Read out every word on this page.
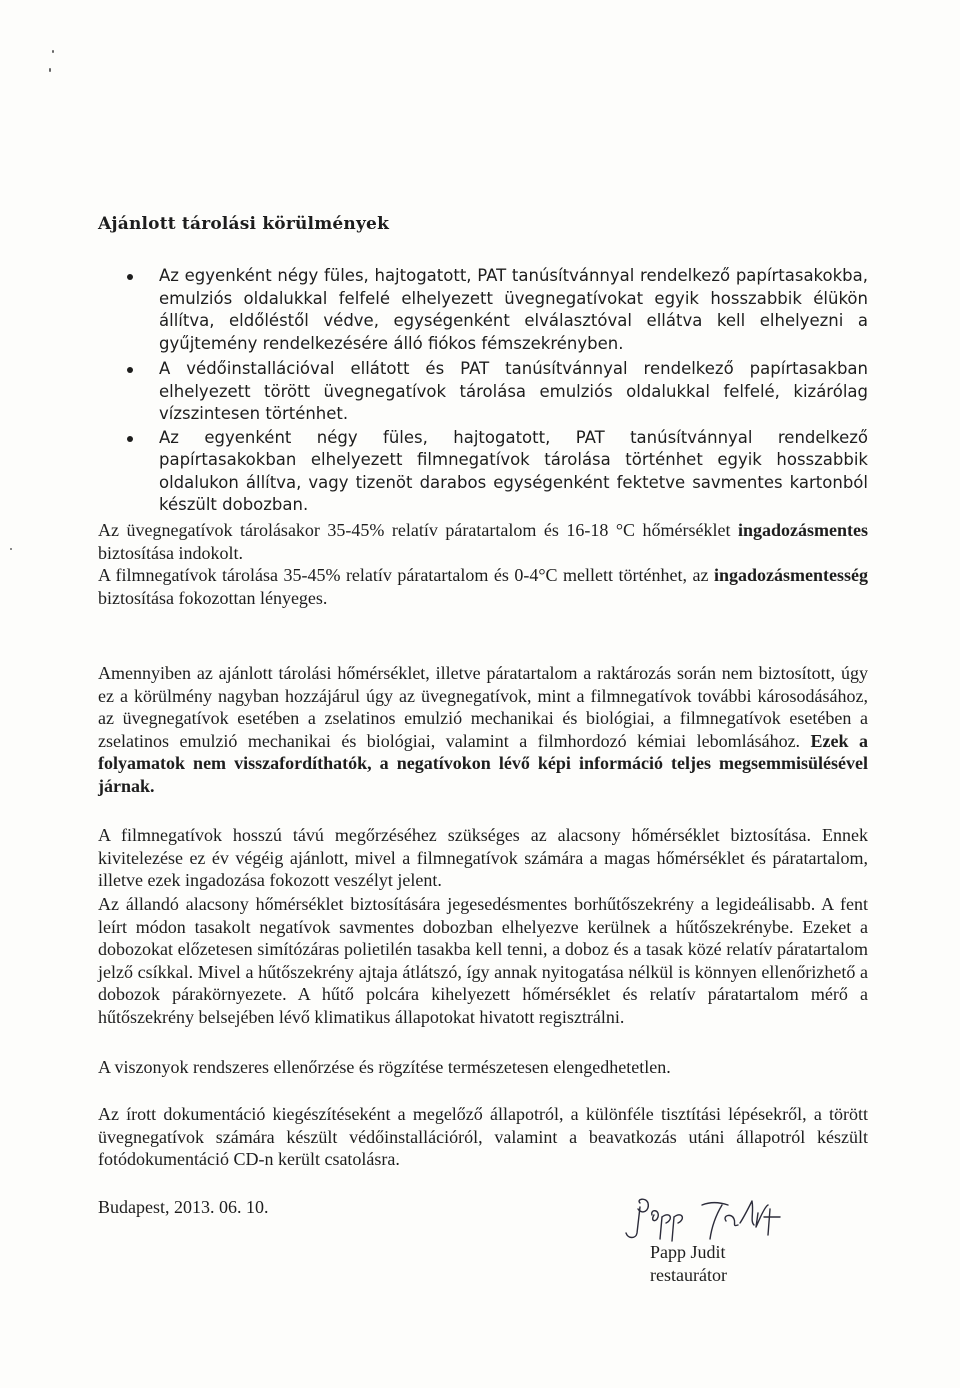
Ajánlott tárolási körülmények
Az egyenként négy füles, hajtogatott, PAT tanúsítvánnyal rendelkező papírtasakokba, emulziós oldalukkal felfelé elhelyezett üvegnegatívokat egyik hosszabbik élükön állítva, eldőléstől védve, egységenként elválasztóval ellátva kell elhelyezni a gyűjtemény rendelkezésére álló fiókos fémszekrényben.
A védőinstallációval ellátott és PAT tanúsítvánnyal rendelkező papírtasakban elhelyezett törött üvegnegatívok tárolása emulziós oldalukkal felfelé, kizárólag vízszintesen történhet.
Az egyenként négy füles, hajtogatott, PAT tanúsítvánnyal rendelkező papírtasakokban elhelyezett filmnegatívok tárolása történhet egyik hosszabbik oldalukon állítva, vagy tizenöt darabos egységenként fektetve savmentes kartonból készült dobozban.
Az üvegnegatívok tárolásakor 35-45% relatív páratartalom és 16-18 °C hőmérséklet ingadozásmentes biztosítása indokolt.
A filmnegatívok tárolása 35-45% relatív páratartalom és 0-4°C mellett történhet, az ingadozásmentesség biztosítása fokozottan lényeges.
Amennyiben az ajánlott tárolási hőmérséklet, illetve páratartalom a raktározás során nem biztosított, úgy ez a körülmény nagyban hozzájárul úgy az üvegnegatívok, mint a filmnegatívok további károsodásához, az üvegnegatívok esetében a zselatinos emulzió mechanikai és biológiai, a filmnegatívok esetében a zselatinos emulzió mechanikai és biológiai, valamint a filmhordozó kémiai lebomlásához. Ezek a folyamatok nem visszafordíthatók, a negatívokon lévő képi információ teljes megsemmisülésével járnak.
A filmnegatívok hosszú távú megőrzéséhez szükséges az alacsony hőmérséklet biztosítása. Ennek kivitelezése ez év végéig ajánlott, mivel a filmnegatívok számára a magas hőmérséklet és páratartalom, illetve ezek ingadozása fokozott veszélyt jelent.
Az állandó alacsony hőmérséklet biztosítására jegesedésmentes borhűtőszekrény a legideálisabb. A fent leírt módon tasakolt negatívok savmentes dobozban elhelyezve kerülnek a hűtőszekrénybe. Ezeket a dobozokat előzetesen simítózáras polietilén tasakba kell tenni, a doboz és a tasak közé relatív páratartalom jelző csíkkal. Mivel a hűtőszekrény ajtaja átlátszó, így annak nyitogatása nélkül is könnyen ellenőrizhető a dobozok párakörnyezete. A hűtő polcára kihelyezett hőmérséklet és relatív páratartalom mérő a hűtőszekrény belsejében lévő klimatikus állapotokat hivatott regisztrálni.
A viszonyok rendszeres ellenőrzése és rögzítése természetesen elengedhetetlen.
Az írott dokumentáció kiegészítéseként a megelőző állapotról, a különféle tisztítási lépésekről, a törött üvegnegatívok számára készült védőinstallációról, valamint a beavatkozás utáni állapotról készült fotódokumentáció CD-n került csatolásra.
Budapest, 2013. 06. 10.
Papp Judit
restaurátor
